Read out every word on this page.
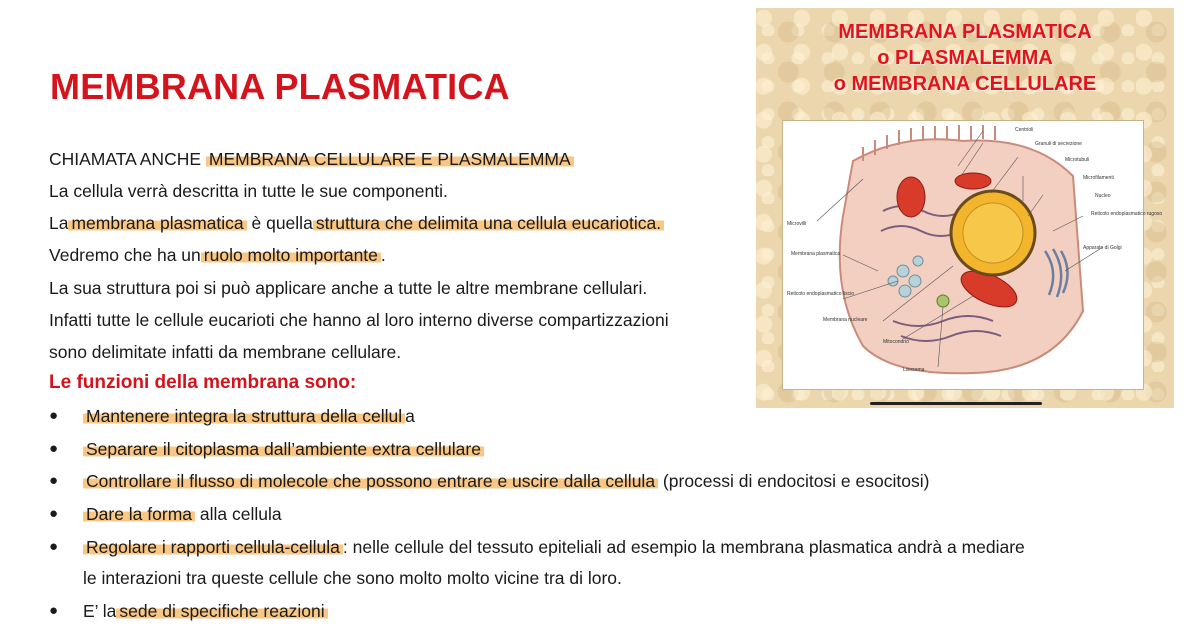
MEMBRANA PLASMATICA
CHIAMATA ANCHE MEMBRANA CELLULARE E PLASMALEMMA
La cellula verrà descritta in tutte le sue componenti.
La membrana plasmatica è quella struttura che delimita una cellula eucariotica.
Vedremo che ha un ruolo molto importante .
La sua struttura poi si può applicare anche a tutte le altre membrane cellulari.
Infatti tutte le cellule eucarioti che hanno al loro interno diverse compartizzazioni
sono delimitate infatti da membrane cellulare.
Le funzioni della membrana sono:
● Mantenere integra la struttura della cellul a
● Separare il citoplasma dall’ambiente extra cellulare
● Controllare il flusso di molecole che possono entrare e uscire dalla cellula (processi di endocitosi e esocitosi)
● Dare la forma alla cellula
● Regolare i rapporti cellula-cellula : nelle cellule del tessuto epiteliali ad esempio la membrana plasmatica andrà a mediare
le interazioni tra queste cellule che sono molto molto vicine tra di loro.
● E’ la sede di specifiche reazioni
MEMBRANA PLASMATICA
o PLASMALEMMA
o MEMBRANA CELLULARE
Centrioli
Granuli di secrezione
Microtubuli
Microfilamenti
Nucleo
Reticolo endoplasmatico rugoso
Apparato di Golgi
Microvilli
Membrana plasmatica
Reticolo endoplasmatico liscio
Membrana nucleare
Mitocondrio
Lisosoma
